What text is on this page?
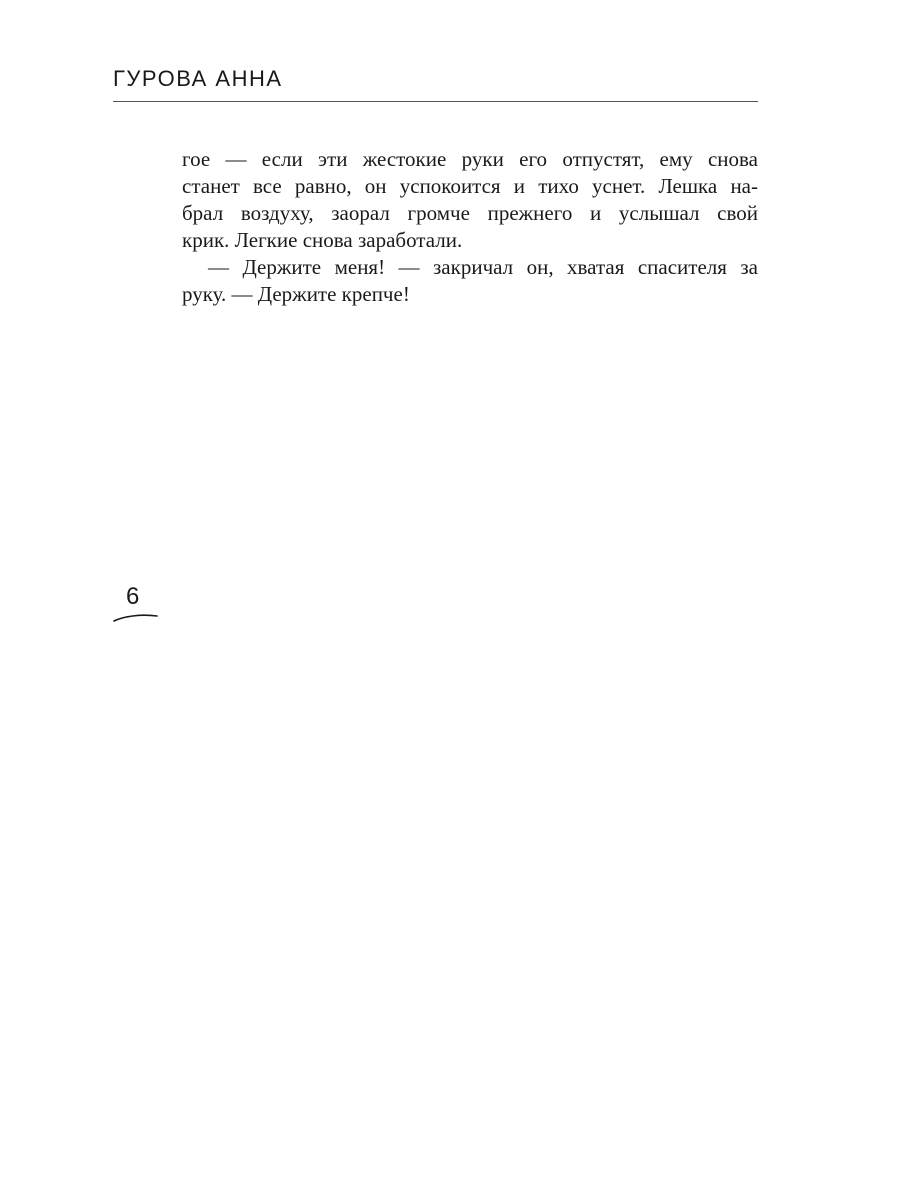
ГУРОВА АННА
гое — если эти жестокие руки его отпустят, ему снова
станет все равно, он успокоится и тихо уснет. Лешка на-
брал воздуху, заорал громче прежнего и услышал свой
крик. Легкие снова заработали.
— Держите меня! — закричал он, хватая спасителя за
руку. — Держите крепче!
6
